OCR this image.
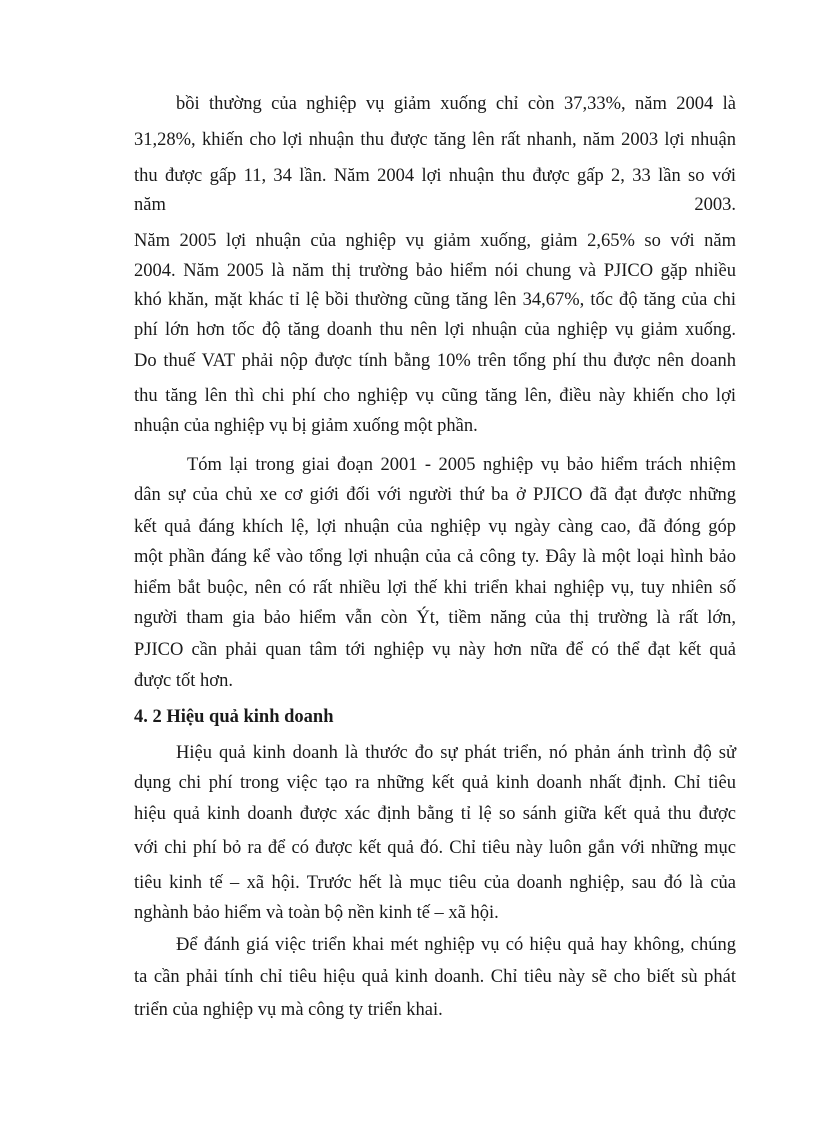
bồi thường của nghiệp vụ giảm xuống chỉ còn 37,33%, năm 2004 là
31,28%, khiến cho lợi nhuận thu được tăng lên rất nhanh, năm 2003 lợi nhuận
thu được gấp 11, 34 lần. Năm 2004 lợi nhuận thu được gấp 2, 33 lần so với
năm	2003.
Năm 2005 lợi nhuận của nghiệp vụ giảm xuống, giảm 2,65% so với năm
2004. Năm 2005 là năm thị trường bảo hiểm nói chung và PJICO gặp nhiều
khó khăn, mặt khác tỉ lệ bồi thường cũng tăng lên 34,67%, tốc độ tăng của chi
phí lớn hơn tốc độ tăng doanh thu nên lợi nhuận của nghiệp vụ giảm xuống.
Do thuế VAT phải nộp được tính bằng 10% trên tổng phí thu được nên doanh
thu tăng lên thì chi phí cho nghiệp vụ cũng tăng lên, điều này khiến cho lợi
nhuận của nghiệp vụ bị giảm xuống một phần.
Tóm lại trong giai đoạn 2001 - 2005 nghiệp vụ bảo hiểm trách nhiệm
dân sự của chủ xe cơ giới đối với người thứ ba ở PJICO đã đạt được những
kết quả đáng khích lệ, lợi nhuận của nghiệp vụ ngày càng cao, đã đóng góp
một phần đáng kể vào tổng lợi nhuận của cả công ty. Đây là một loại hình bảo
hiểm bắt buộc, nên có rất nhiều lợi thế khi triển khai nghiệp vụ, tuy nhiên số
người tham gia bảo hiểm vẫn còn Ýt, tiềm năng của thị trường là rất lớn,
PJICO cần phải quan tâm tới nghiệp vụ này hơn nữa để có thể đạt kết quả
được tốt hơn.
4. 2 Hiệu quả kinh doanh
Hiệu quả kinh doanh là thước đo sự phát triển, nó phản ánh trình độ sử
dụng chi phí trong việc tạo ra những kết quả kinh doanh nhất định. Chỉ tiêu
hiệu quả kinh doanh được xác định bằng tỉ lệ so sánh giữa kết quả thu được
với chi phí bỏ ra để có được kết quả đó. Chỉ tiêu này luôn gắn với những mục
tiêu kinh tế – xã hội. Trước hết là mục tiêu của doanh nghiệp, sau đó là của
nghành bảo hiểm và toàn bộ nền kinh tế – xã hội.
Để đánh giá việc triển khai mét nghiệp vụ có hiệu quả hay không, chúng
ta cần phải tính chỉ tiêu hiệu quả kinh doanh. Chỉ tiêu này sẽ cho biết sù phát
triển của nghiệp vụ mà công ty triển khai.
